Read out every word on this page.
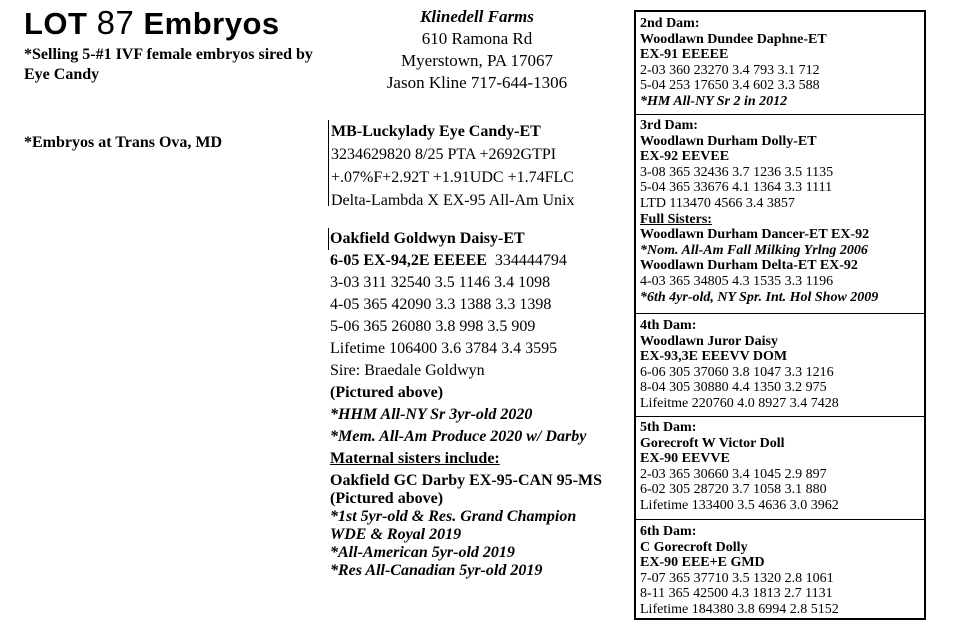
LOT 87 Embryos
*Selling 5-#1 IVF female embryos sired by Eye Candy
*Embryos at Trans Ova, MD
Klinedell Farms
610 Ramona Rd
Myerstown, PA 17067
Jason Kline 717-644-1306
MB-Luckylady Eye Candy-ET
3234629820 8/25 PTA +2692GTPI
+.07%F+2.92T +1.91UDC +1.74FLC
Delta-Lambda X EX-95 All-Am Unix
Oakfield Goldwyn Daisy-ET
6-05 EX-94,2E EEEEE 334444794
3-03 311 32540 3.5 1146 3.4 1098
4-05 365 42090 3.3 1388 3.3 1398
5-06 365 26080 3.8 998 3.5 909
Lifetime 106400 3.6 3784 3.4 3595
Sire: Braedale Goldwyn
(Pictured above)
*HHM All-NY Sr 3yr-old 2020
*Mem. All-Am Produce 2020 w/ Darby
Maternal sisters include:
Oakfield GC Darby EX-95-CAN 95-MS
(Pictured above)
*1st 5yr-old & Res. Grand Champion
WDE & Royal 2019
*All-American 5yr-old 2019
*Res All-Canadian 5yr-old 2019
2nd Dam:
Woodlawn Dundee Daphne-ET
EX-91 EEEEE
2-03 360 23270 3.4 793 3.1 712
5-04 253 17650 3.4 602 3.3 588
*HM All-NY Sr 2 in 2012
3rd Dam:
Woodlawn Durham Dolly-ET
EX-92 EEVEE
3-08 365 32436 3.7 1236 3.5 1135
5-04 365 33676 4.1 1364 3.3 1111
LTD 113470 4566 3.4 3857
Full Sisters:
Woodlawn Durham Dancer-ET EX-92
*Nom. All-Am Fall Milking Yrlng 2006
Woodlawn Durham Delta-ET EX-92
4-03 365 34805 4.3 1535 3.3 1196
*6th 4yr-old, NY Spr. Int. Hol Show 2009
4th Dam:
Woodlawn Juror Daisy
EX-93,3E EEEVV DOM
6-06 305 37060 3.8 1047 3.3 1216
8-04 305 30880 4.4 1350 3.2 975
Lifeitme 220760 4.0 8927 3.4 7428
5th Dam:
Gorecroft W Victor Doll
EX-90 EEVVE
2-03 365 30660 3.4 1045 2.9 897
6-02 305 28720 3.7 1058 3.1 880
Lifetime 133400 3.5 4636 3.0 3962
6th Dam:
C Gorecroft Dolly
EX-90 EEE+E GMD
7-07 365 37710 3.5 1320 2.8 1061
8-11 365 42500 4.3 1813 2.7 1131
Lifetime 184380 3.8 6994 2.8 5152
